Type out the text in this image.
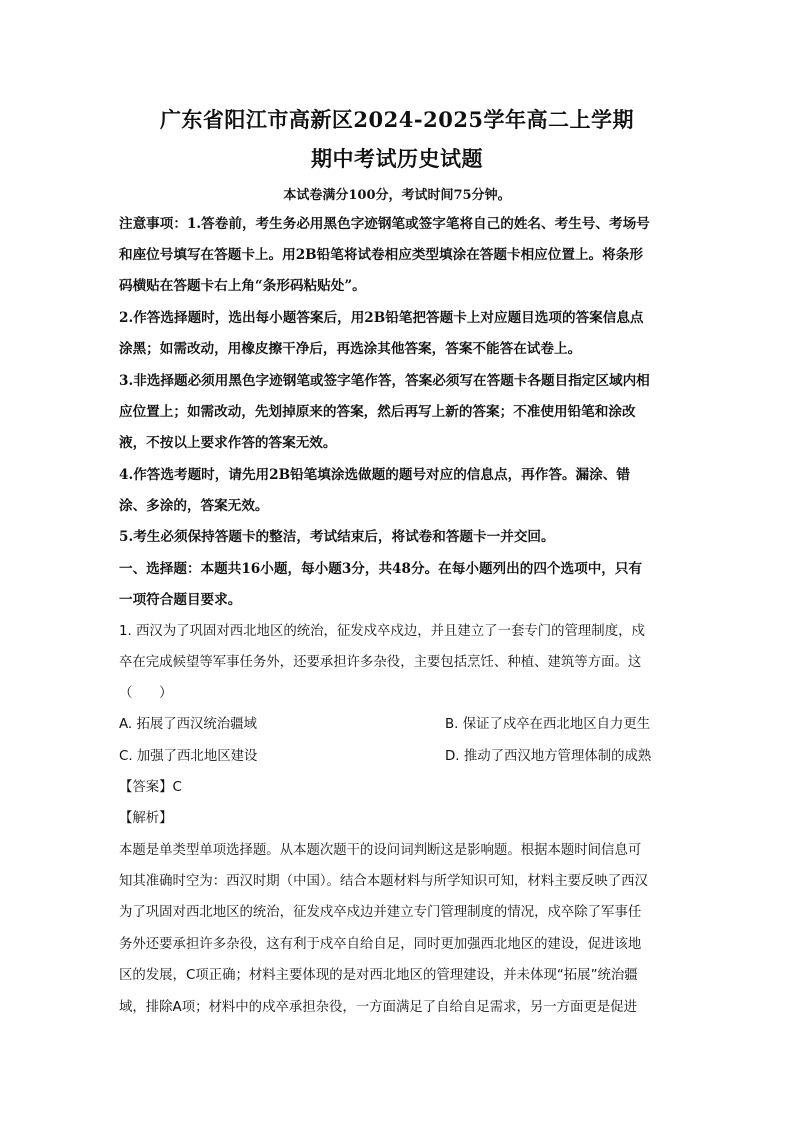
广东省阳江市高新区2024-2025学年高二上学期
期中考试历史试题
本试卷满分100分，考试时间75分钟。
注意事项：1.答卷前，考生务必用黑色字迹钢笔或签字笔将自己的姓名、考生号、考场号
和座位号填写在答题卡上。用2B铅笔将试卷相应类型填涂在答题卡相应位置上。将条形
码横贴在答题卡右上角“条形码粘贴处”。
2.作答选择题时，选出每小题答案后，用2B铅笔把答题卡上对应题目选项的答案信息点
涂黑；如需改动，用橡皮擦干净后，再选涂其他答案，答案不能答在试卷上。
3.非选择题必须用黑色字迹钢笔或签字笔作答，答案必须写在答题卡各题目指定区域内相
应位置上；如需改动，先划掉原来的答案，然后再写上新的答案；不准使用铅笔和涂改
液，不按以上要求作答的答案无效。
4.作答选考题时，请先用2B铅笔填涂选做题的题号对应的信息点，再作答。漏涂、错
涂、多涂的，答案无效。
5.考生必须保持答题卡的整洁，考试结束后，将试卷和答题卡一并交回。
一、选择题：本题共16小题，每小题3分，共48分。在每小题列出的四个选项中，只有
一项符合题目要求。
1. 西汉为了巩固对西北地区的统治，征发戍卒戍边，并且建立了一套专门的管理制度，戍
卒在完成候望等军事任务外，还要承担许多杂役，主要包括烹饪、种植、建筑等方面。这
（　　）
A. 拓展了西汉统治疆域	B. 保证了戍卒在西北地区自力更生
C. 加强了西北地区建设	D. 推动了西汉地方管理体制的成熟
【答案】C
【解析】
本题是单类型单项选择题。从本题次题干的设问词判断这是影响题。根据本题时间信息可
知其准确时空为：西汉时期（中国）。结合本题材料与所学知识可知，材料主要反映了西汉
为了巩固对西北地区的统治，征发戍卒戍边并建立专门管理制度的情况，戍卒除了军事任
务外还要承担许多杂役，这有利于戍卒自给自足，同时更加强西北地区的建设，促进该地
区的发展，C项正确；材料主要体现的是对西北地区的管理建设，并未体现“拓展”统治疆
域，排除A项；材料中的戍卒承担杂役，一方面满足了自给自足需求，另一方面更是促进
